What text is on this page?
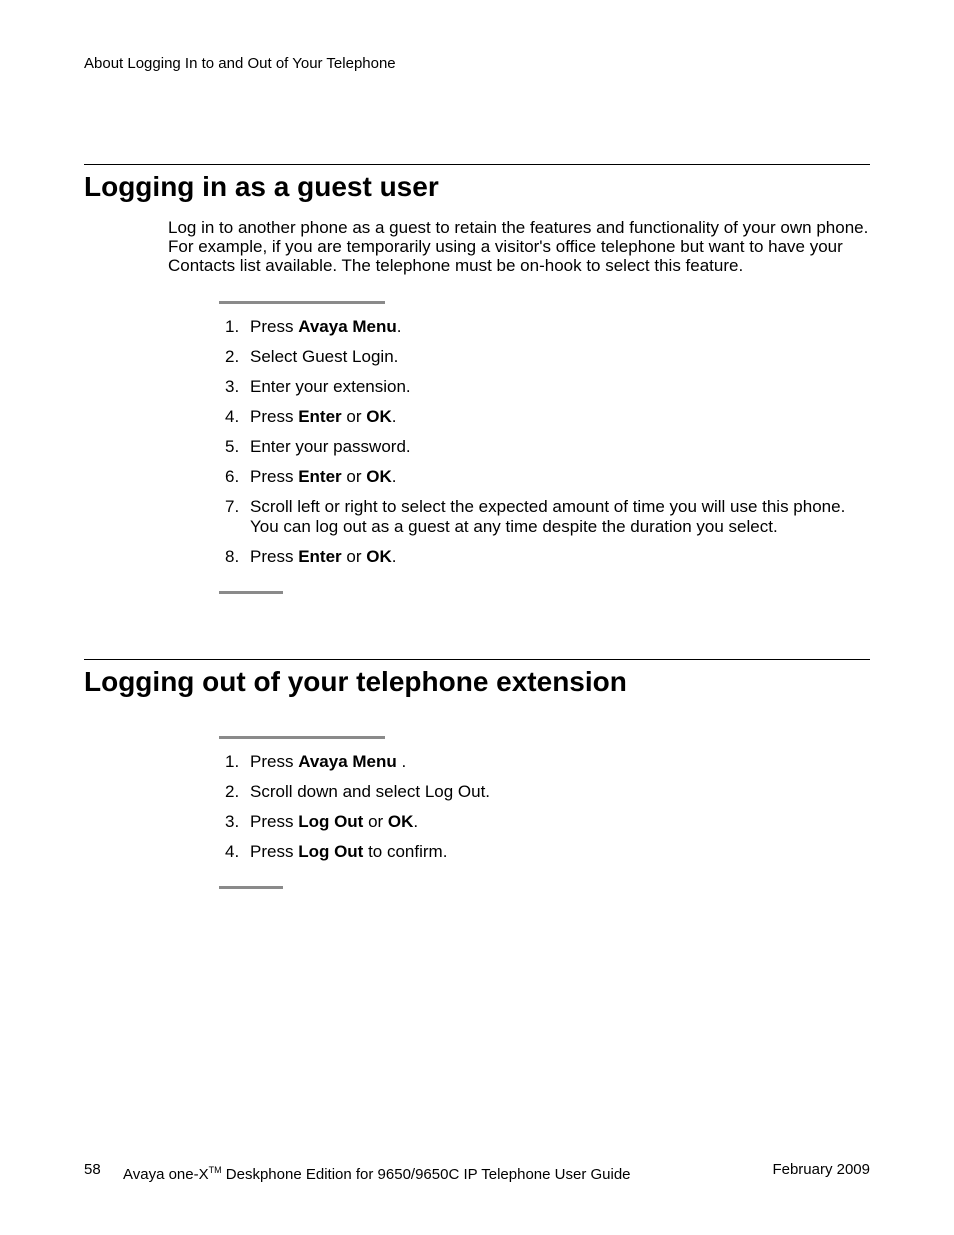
About Logging In to and Out of Your Telephone
Logging in as a guest user

Log in to another phone as a guest to retain the features and functionality of your own phone. For example, if you are temporarily using a visitor's office telephone but want to have your Contacts list available. The telephone must be on-hook to select this feature.

1. Press Avaya Menu.
2. Select Guest Login.
3. Enter your extension.
4. Press Enter or OK.
5. Enter your password.
6. Press Enter or OK.
7. Scroll left or right to select the expected amount of time you will use this phone. You can log out as a guest at any time despite the duration you select.
8. Press Enter or OK.
Logging out of your telephone extension
1. Press Avaya Menu .
2. Scroll down and select Log Out.
3. Press Log Out or OK.
4. Press Log Out to confirm.
58 Avaya one-X™ Deskphone Edition for 9650/9650C IP Telephone User Guide	February 2009
